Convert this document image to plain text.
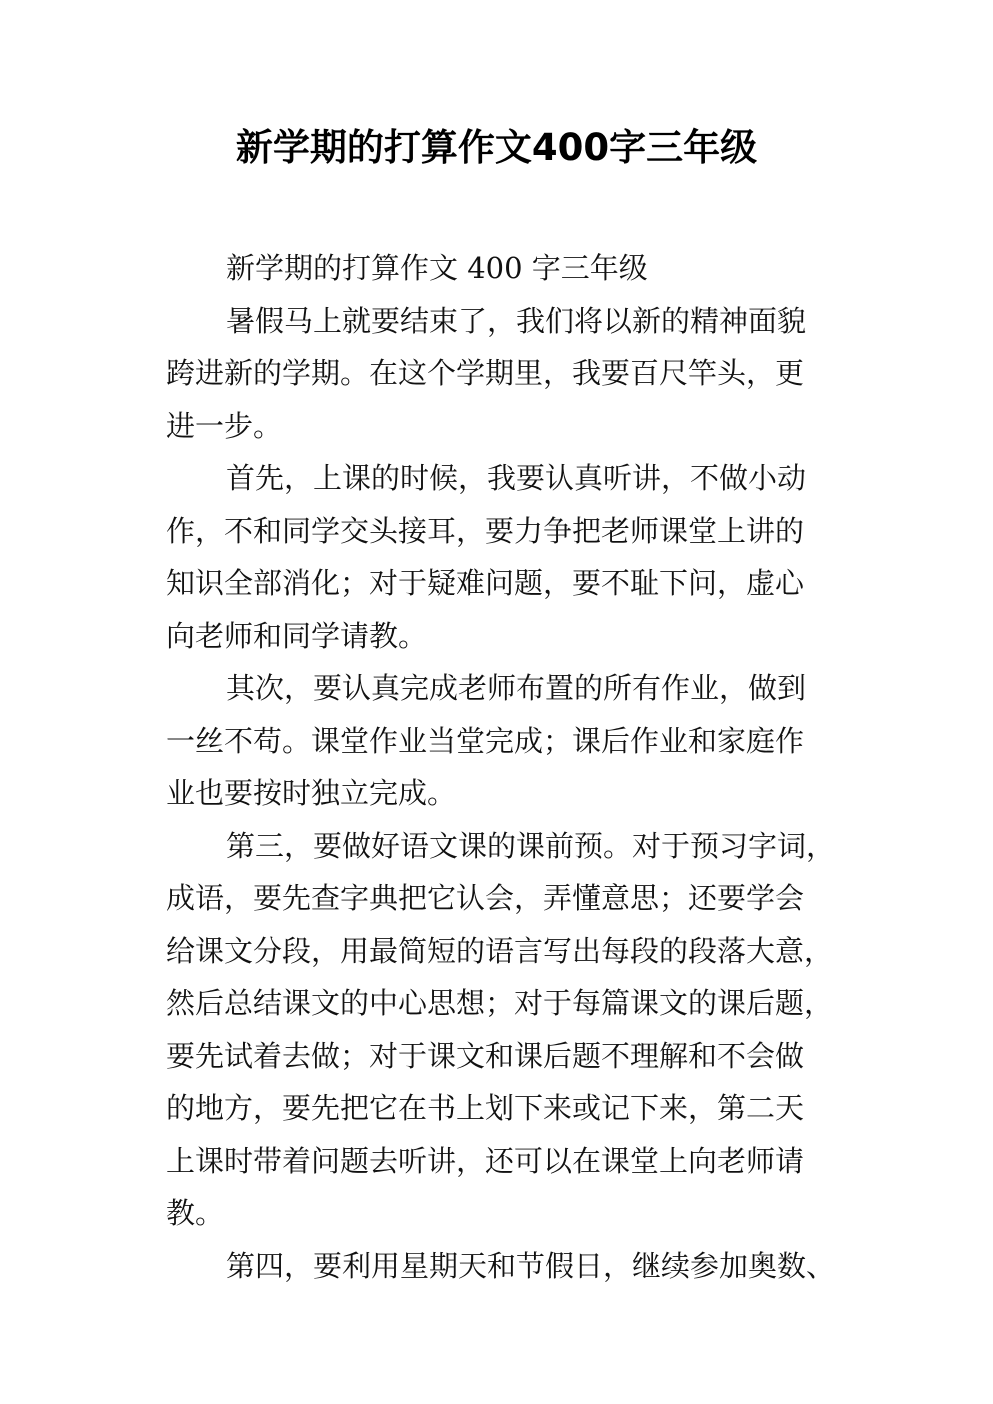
新学期的打算作文400字三年级
新学期的打算作文 400 字三年级
暑假马上就要结束了，我们将以新的精神面貌
跨进新的学期。在这个学期里，我要百尺竿头，更
进一步。
首先，上课的时候，我要认真听讲，不做小动
作，不和同学交头接耳，要力争把老师课堂上讲的
知识全部消化；对于疑难问题，要不耻下问，虚心
向老师和同学请教。
其次，要认真完成老师布置的所有作业，做到
一丝不苟。课堂作业当堂完成；课后作业和家庭作
业也要按时独立完成。
第三，要做好语文课的课前预。对于预习字词，
成语，要先查字典把它认会，弄懂意思；还要学会
给课文分段，用最简短的语言写出每段的段落大意，
然后总结课文的中心思想；对于每篇课文的课后题，
要先试着去做；对于课文和课后题不理解和不会做
的地方，要先把它在书上划下来或记下来，第二天
上课时带着问题去听讲，还可以在课堂上向老师请
教。
第四，要利用星期天和节假日，继续参加奥数、
